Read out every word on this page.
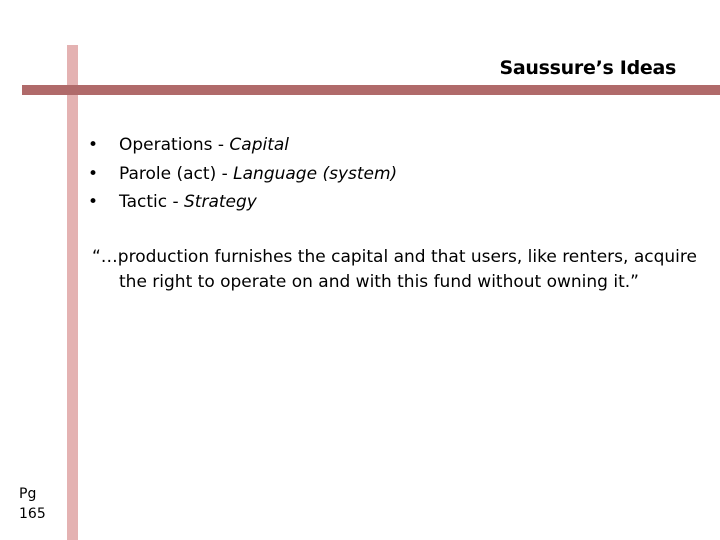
Saussure’s Ideas
• Operations - Capital
• Parole (act) - Language (system)
• Tactic - Strategy
“…production furnishes the capital and that users, like renters, acquire the right to operate on and with this fund without owning it.”
Pg
165
